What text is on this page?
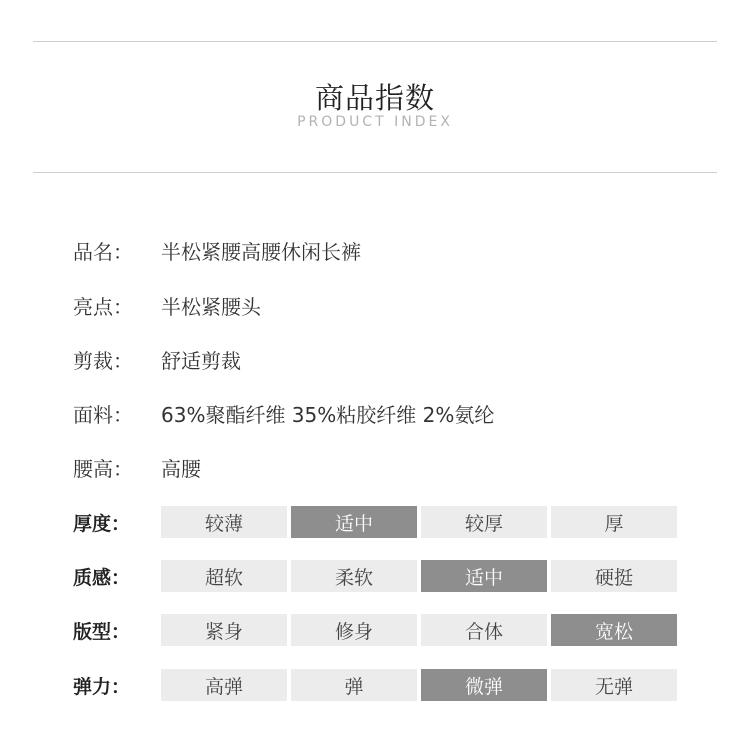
商品指数
PRODUCT INDEX
品名：	半松紧腰高腰休闲长裤
亮点：	半松紧腰头
剪裁：	舒适剪裁
面料：	63%聚酯纤维 35%粘胶纤维 2%氨纶
腰高：	高腰
厚度：	较薄	适中	较厚	厚
质感：	超软	柔软	适中	硬挺
版型：	紧身	修身	合体	宽松
弹力：	高弹	弹	微弹	无弹
